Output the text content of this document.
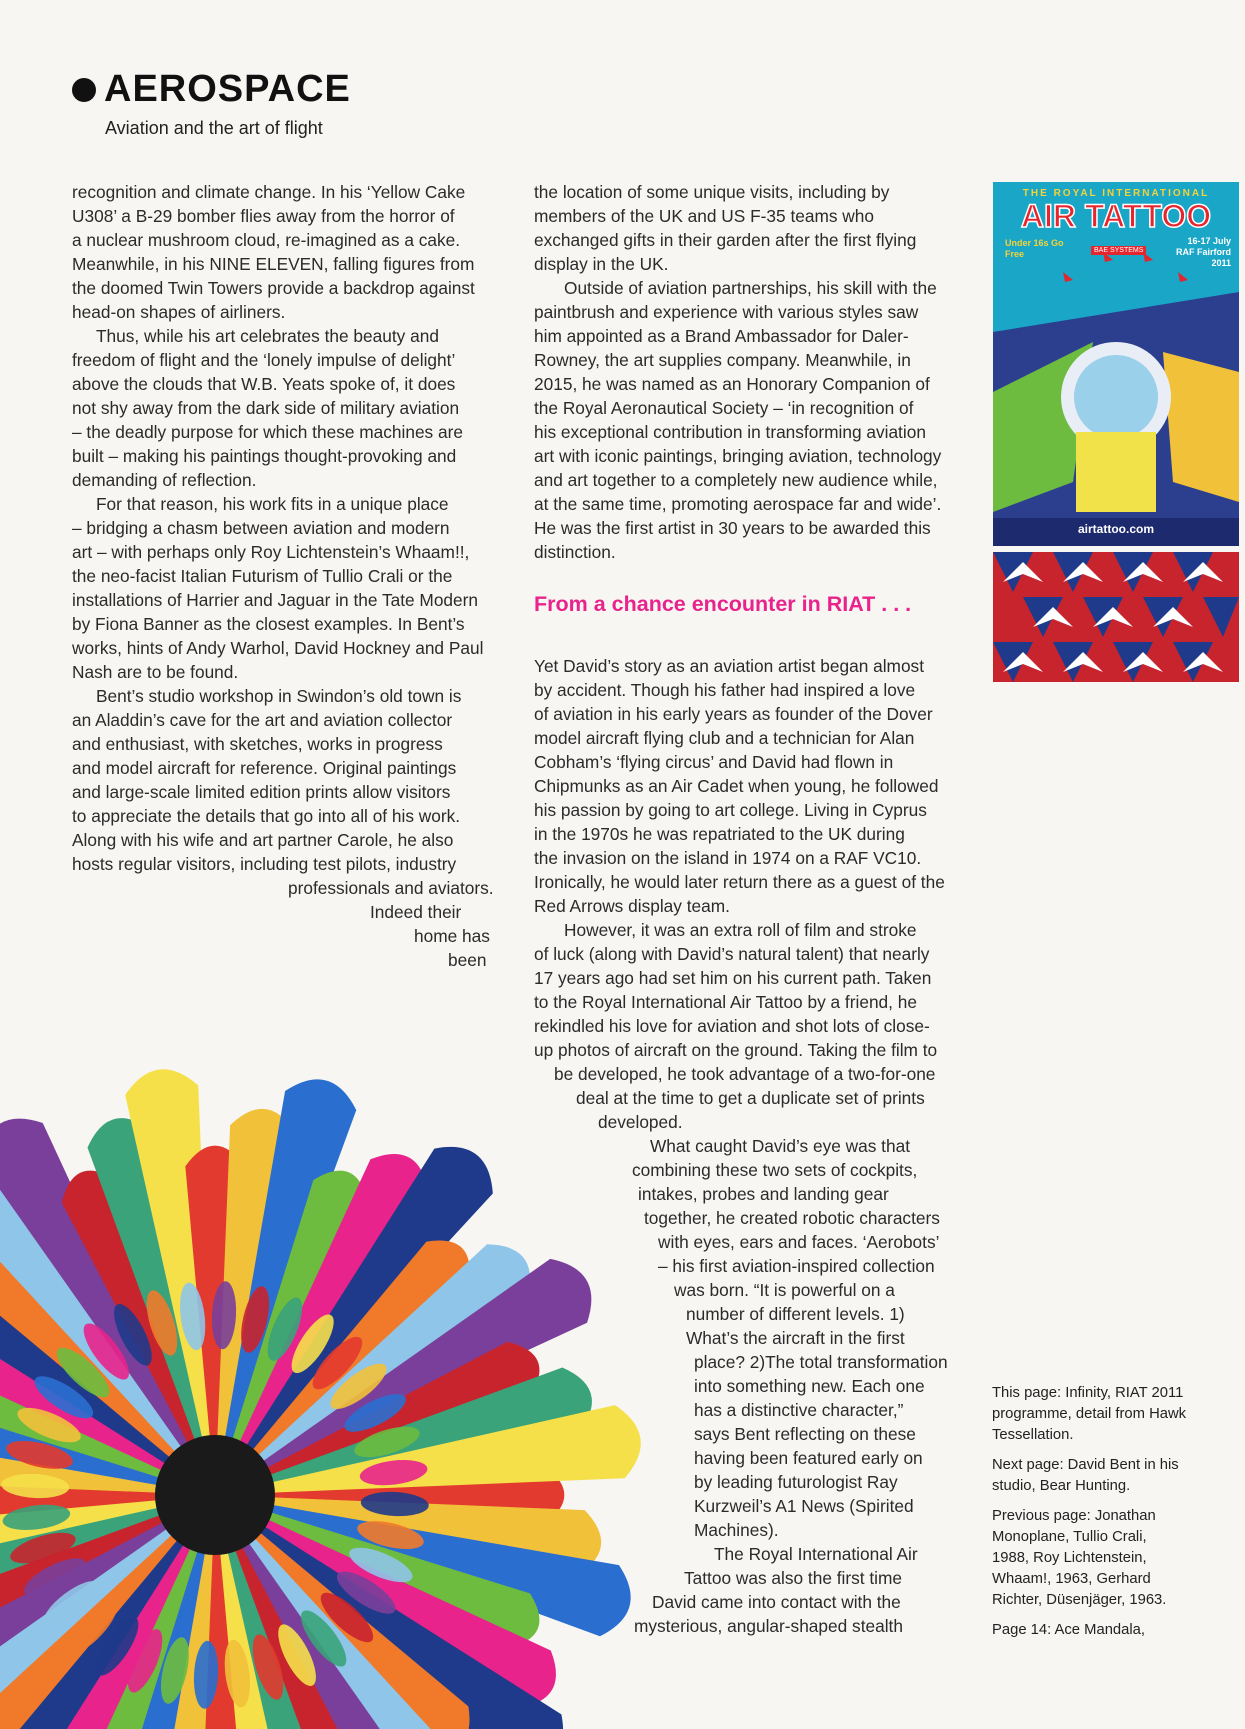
AEROSPACE
Aviation and the art of flight
recognition and climate change. In his ‘Yellow Cake
U308’ a B-29 bomber flies away from the horror of
a nuclear mushroom cloud, re-imagined as a cake.
Meanwhile, in his NINE ELEVEN, falling figures from
the doomed Twin Towers provide a backdrop against
head-on shapes of airliners.
Thus, while his art celebrates the beauty and
freedom of flight and the ‘lonely impulse of delight’
above the clouds that W.B. Yeats spoke of, it does
not shy away from the dark side of military aviation
– the deadly purpose for which these machines are
built – making his paintings thought-provoking and
demanding of reflection.
For that reason, his work fits in a unique place
– bridging a chasm between aviation and modern
art – with perhaps only Roy Lichtenstein’s Whaam!!,
the neo-facist Italian Futurism of Tullio Crali or the
installations of Harrier and Jaguar in the Tate Modern
by Fiona Banner as the closest examples. In Bent’s
works, hints of Andy Warhol, David Hockney and Paul
Nash are to be found.
Bent’s studio workshop in Swindon’s old town is
an Aladdin’s cave for the art and aviation collector
and enthusiast, with sketches, works in progress
and model aircraft for reference. Original paintings
and large-scale limited edition prints allow visitors
to appreciate the details that go into all of his work.
Along with his wife and art partner Carole, he also
hosts regular visitors, including test pilots, industry
professionals and aviators.
Indeed their
home has
been
the location of some unique visits, including by
members of the UK and US F-35 teams who
exchanged gifts in their garden after the first flying
display in the UK.
Outside of aviation partnerships, his skill with the
paintbrush and experience with various styles saw
him appointed as a Brand Ambassador for Daler-
Rowney, the art supplies company. Meanwhile, in
2015, he was named as an Honorary Companion of
the Royal Aeronautical Society – ‘in recognition of
his exceptional contribution in transforming aviation
art with iconic paintings, bringing aviation, technology
and art together to a completely new audience while,
at the same time, promoting aerospace far and wide’.
He was the first artist in 30 years to be awarded this
distinction.
From a chance encounter in RIAT . . .
Yet David’s story as an aviation artist began almost
by accident. Though his father had inspired a love
of aviation in his early years as founder of the Dover
model aircraft flying club and a technician for Alan
Cobham’s ‘flying circus’ and David had flown in
Chipmunks as an Air Cadet when young, he followed
his passion by going to art college. Living in Cyprus
in the 1970s he was repatriated to the UK during
the invasion on the island in 1974 on a RAF VC10.
Ironically, he would later return there as a guest of the
Red Arrows display team.
However, it was an extra roll of film and stroke
of luck (along with David’s natural talent) that nearly
17 years ago had set him on his current path. Taken
to the Royal International Air Tattoo by a friend, he
rekindled his love for aviation and shot lots of close-
up photos of aircraft on the ground. Taking the film to
be developed, he took advantage of a two-for-one
deal at the time to get a duplicate set of prints
developed.
What caught David’s eye was that
combining these two sets of cockpits,
intakes, probes and landing gear
together, he created robotic characters
with eyes, ears and faces. ‘Aerobots’
– his first aviation-inspired collection
was born. “It is powerful on a
number of different levels. 1)
What’s the aircraft in the first
place? 2)The total transformation
into something new. Each one
has a distinctive character,”
says Bent reflecting on these
having been featured early on
by leading futurologist Ray
Kurzweil’s A1 News (Spirited
Machines).
The Royal International Air
Tattoo was also the first time
David came into contact with the
mysterious, angular-shaped stealth
THE ROYAL INTERNATIONAL
AIR TATTOO
Under 16s Go Free	BAE SYSTEMS
16-17 July
RAF Fairford
2011
airtattoo.com

This page: Infinity, RIAT 2011 programme, detail from Hawk Tessellation.

Next page: David Bent in his studio, Bear Hunting.

Previous page: Jonathan Monoplane, Tullio Crali, 1988, Roy Lichtenstein, Whaam!, 1963, Gerhard Richter, Düsenjäger, 1963.

Page 14: Ace Mandala,
